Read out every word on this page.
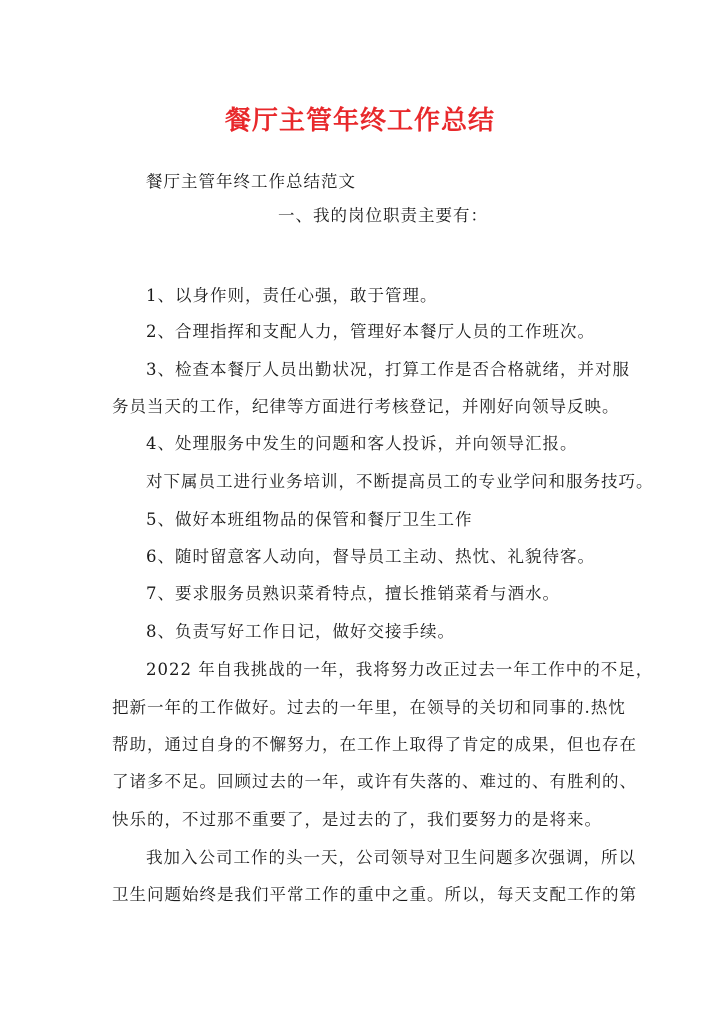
餐厅主管年终工作总结
餐厅主管年终工作总结范文
一、我的岗位职责主要有：
1、以身作则，责任心强，敢于管理。
2、合理指挥和支配人力，管理好本餐厅人员的工作班次。
3、检查本餐厅人员出勤状况，打算工作是否合格就绪，并对服
务员当天的工作，纪律等方面进行考核登记，并刚好向领导反映。
4、处理服务中发生的问题和客人投诉，并向领导汇报。
对下属员工进行业务培训，不断提高员工的专业学问和服务技巧。
5、做好本班组物品的保管和餐厅卫生工作
6、随时留意客人动向，督导员工主动、热忱、礼貌待客。
7、要求服务员熟识菜肴特点，擅长推销菜肴与酒水。
8、负责写好工作日记，做好交接手续。
2022 年自我挑战的一年，我将努力改正过去一年工作中的不足，
把新一年的工作做好。过去的一年里，在领导的关切和同事的.热忱
帮助，通过自身的不懈努力，在工作上取得了肯定的成果，但也存在
了诸多不足。回顾过去的一年，或许有失落的、难过的、有胜利的、
快乐的，不过那不重要了，是过去的了，我们要努力的是将来。
我加入公司工作的头一天，公司领导对卫生问题多次强调，所以
卫生问题始终是我们平常工作的重中之重。所以，每天支配工作的第
